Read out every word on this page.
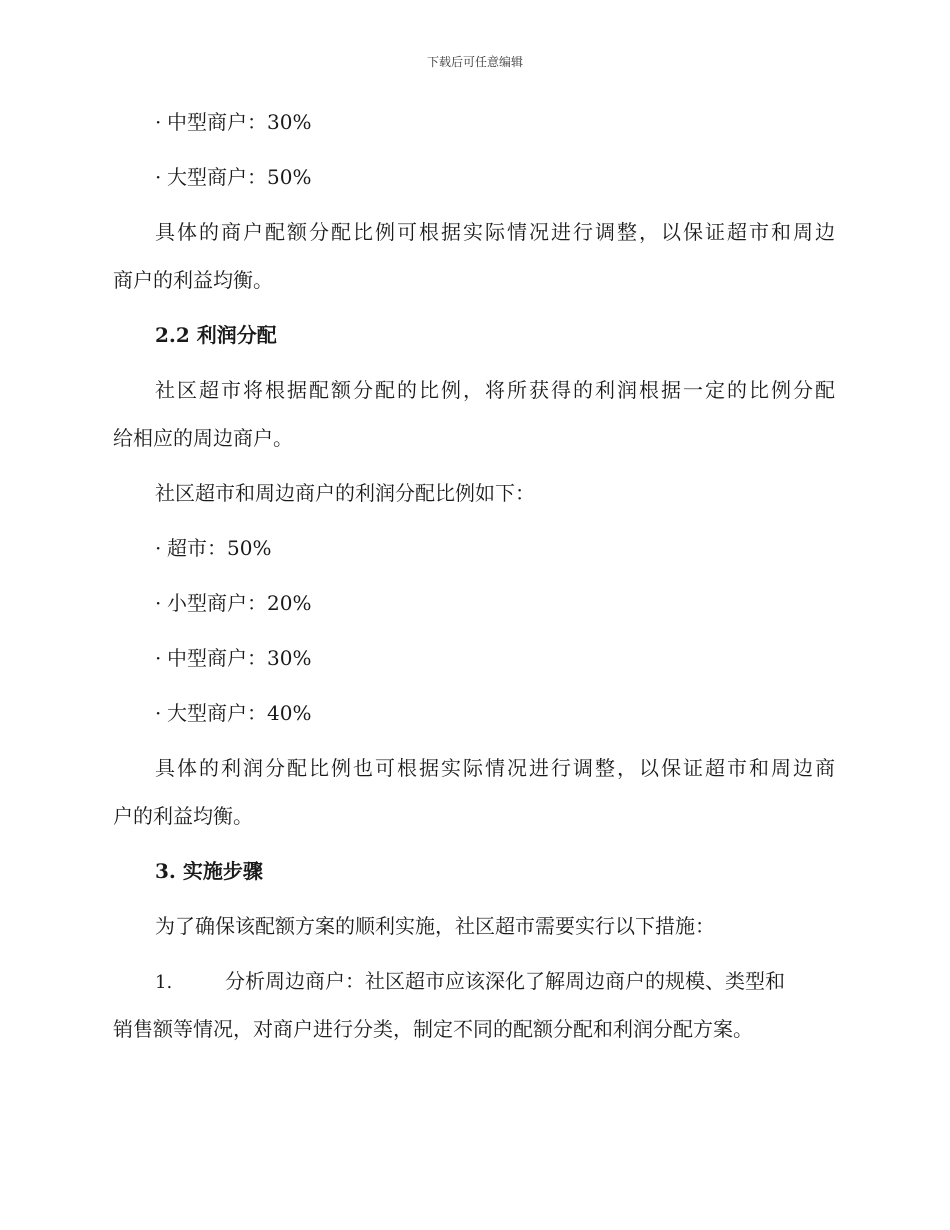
下载后可任意编辑
· 中型商户：30%
· 大型商户：50%
具体的商户配额分配比例可根据实际情况进行调整，以保证超市和周边
商户的利益均衡。
2.2 利润分配
社区超市将根据配额分配的比例，将所获得的利润根据一定的比例分配
给相应的周边商户。
社区超市和周边商户的利润分配比例如下：
· 超市：50%
· 小型商户：20%
· 中型商户：30%
· 大型商户：40%
具体的利润分配比例也可根据实际情况进行调整，以保证超市和周边商
户的利益均衡。
3. 实施步骤
为了确保该配额方案的顺利实施，社区超市需要实行以下措施：
1.	分析周边商户：社区超市应该深化了解周边商户的规模、类型和
销售额等情况，对商户进行分类，制定不同的配额分配和利润分配方案。
